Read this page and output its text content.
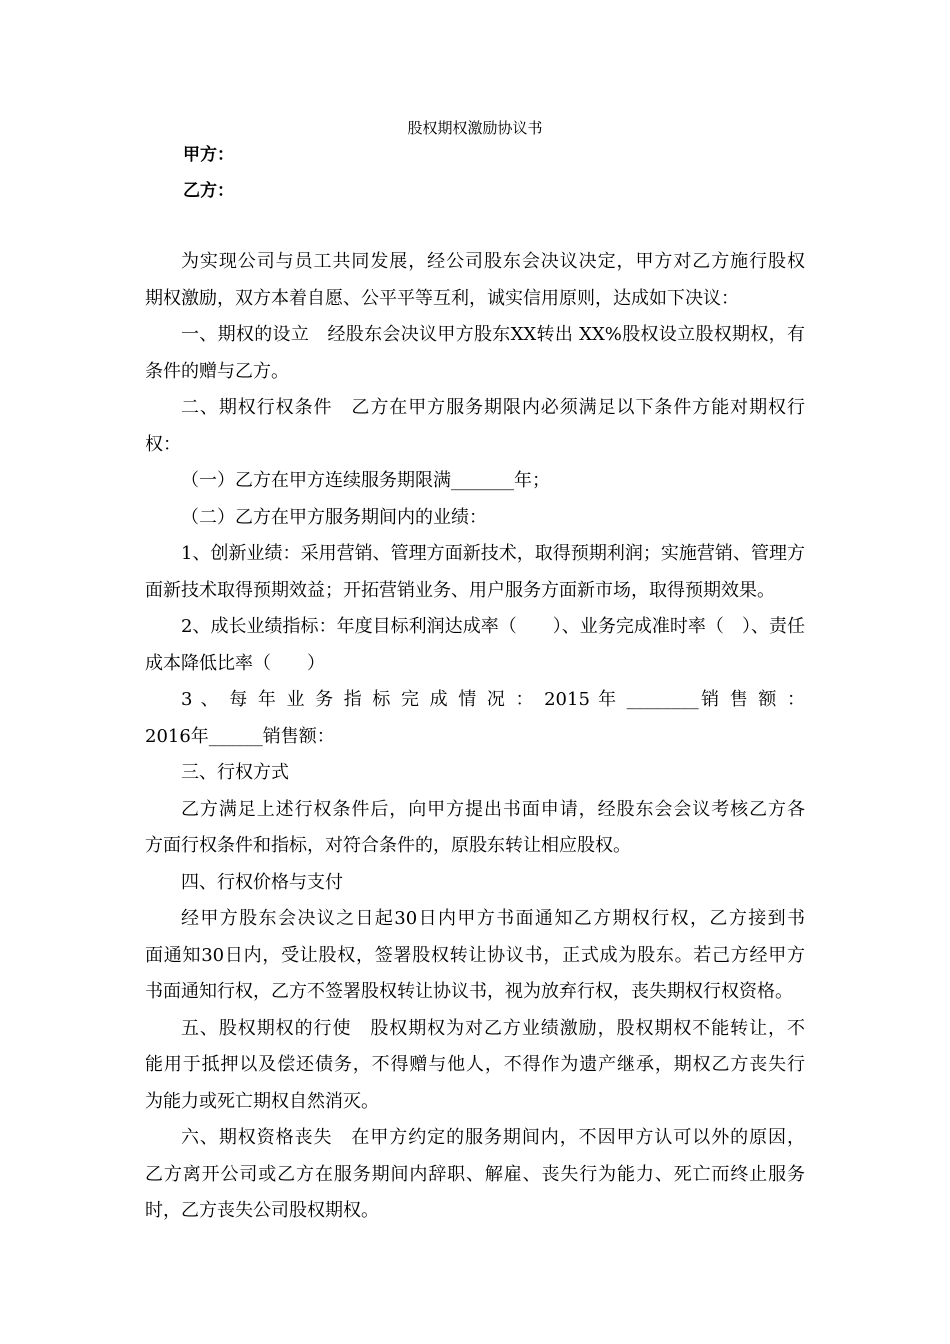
股权期权激励协议书
甲方：
乙方：
为实现公司与员工共同发展，经公司股东会决议决定，甲方对乙方施行股权
期权激励，双方本着自愿、公平平等互利，诚实信用原则，达成如下决议：
一、期权的设立　经股东会决议甲方股东XX转出 XX%股权设立股权期权，有
条件的赠与乙方。
二、期权行权条件　乙方在甲方服务期限内必须满足以下条件方能对期权行
权：
（一）乙方在甲方连续服务期限满_______年；
（二）乙方在甲方服务期间内的业绩：
1、创新业绩：采用营销、管理方面新技术，取得预期利润；实施营销、管理方
面新技术取得预期效益；开拓营销业务、用户服务方面新市场，取得预期效果。
2、成长业绩指标：年度目标利润达成率（　　）、业务完成准时率（　）、责任
成本降低比率（　　）
3 、 每 年 业 务 指 标 完 成 情 况 ： 2015 年 ________销 售 额 ：
2016年______销售额：
三、行权方式
乙方满足上述行权条件后，向甲方提出书面申请，经股东会会议考核乙方各
方面行权条件和指标，对符合条件的，原股东转让相应股权。
四、行权价格与支付
经甲方股东会决议之日起30日内甲方书面通知乙方期权行权，乙方接到书
面通知30日内，受让股权，签署股权转让协议书，正式成为股东。若己方经甲方
书面通知行权，乙方不签署股权转让协议书，视为放弃行权，丧失期权行权资格。
五、股权期权的行使　股权期权为对乙方业绩激励，股权期权不能转让，不
能用于抵押以及偿还债务，不得赠与他人，不得作为遗产继承，期权乙方丧失行
为能力或死亡期权自然消灭。
六、期权资格丧失　在甲方约定的服务期间内，不因甲方认可以外的原因，
乙方离开公司或乙方在服务期间内辞职、解雇、丧失行为能力、死亡而终止服务
时，乙方丧失公司股权期权。
